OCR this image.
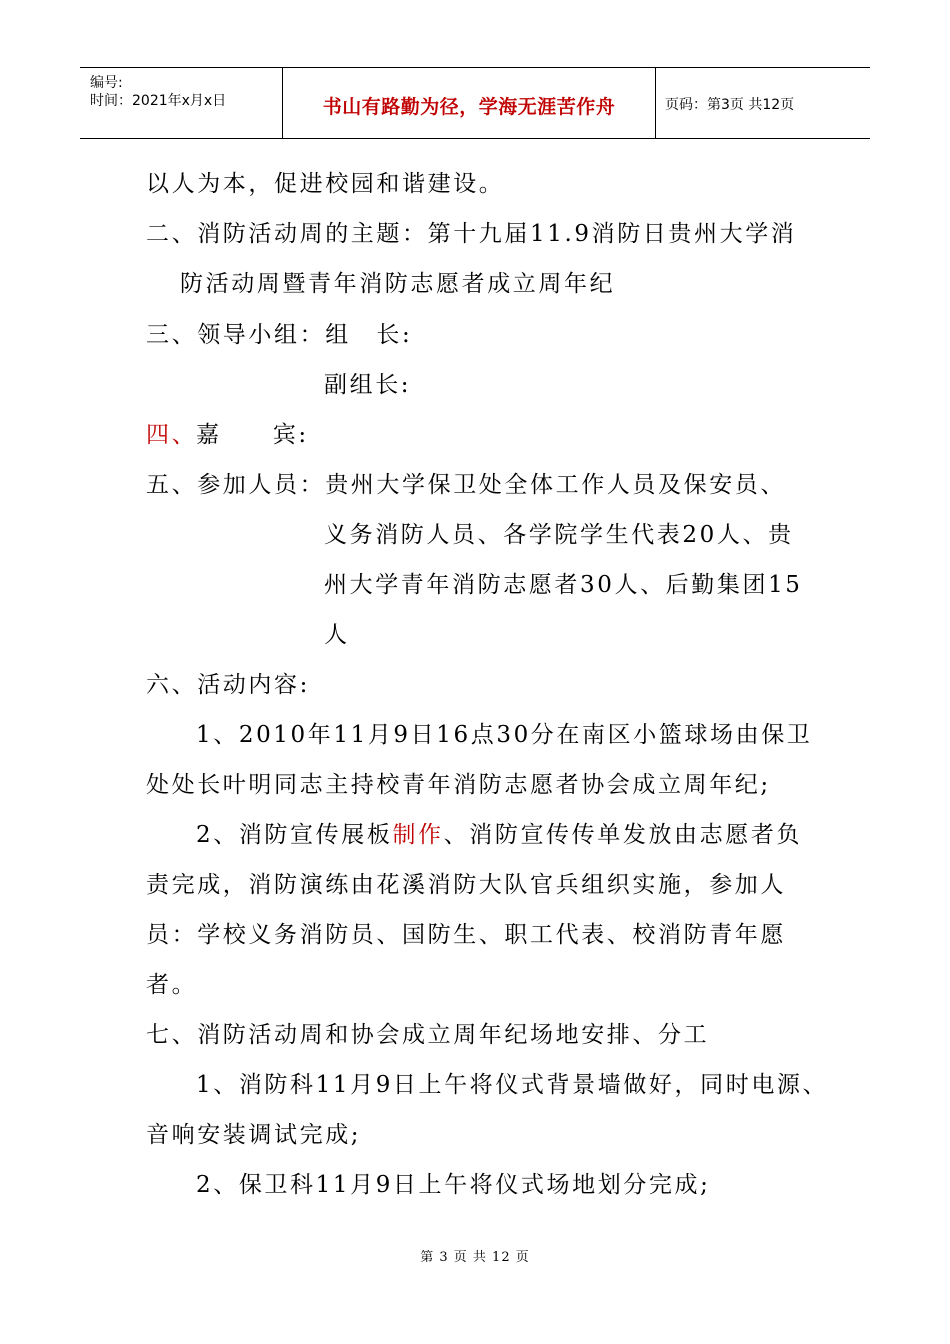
编号:
时间：2021年x月x日	书山有路勤为径，学海无涯苦作舟	页码：第3页 共12页
以人为本，促进校园和谐建设。
二、消防活动周的主题：第十九届11.9消防日贵州大学消
防活动周暨青年消防志愿者成立周年纪
三、领导小组：组　长:
副组长:
四、
嘉　　宾:
五、参加人员：贵州大学保卫处全体工作人员及保安员、
义务消防人员、各学院学生代表20人、贵
州大学青年消防志愿者30人、后勤集团15
人
六、活动内容:
1、2010年11月9日16点30分在南区小篮球场由保卫
处处长叶明同志主持校青年消防志愿者协会成立周年纪;
2、消防宣传展板制作、消防宣传传单发放由志愿者负
责完成，消防演练由花溪消防大队官兵组织实施，参加人
员：学校义务消防员、国防生、职工代表、校消防青年愿
者。
七、消防活动周和协会成立周年纪场地安排、分工
1、消防科11月9日上午将仪式背景墙做好，同时电源、
音响安装调试完成;
2、保卫科11月9日上午将仪式场地划分完成;
第 3 页 共 12 页
